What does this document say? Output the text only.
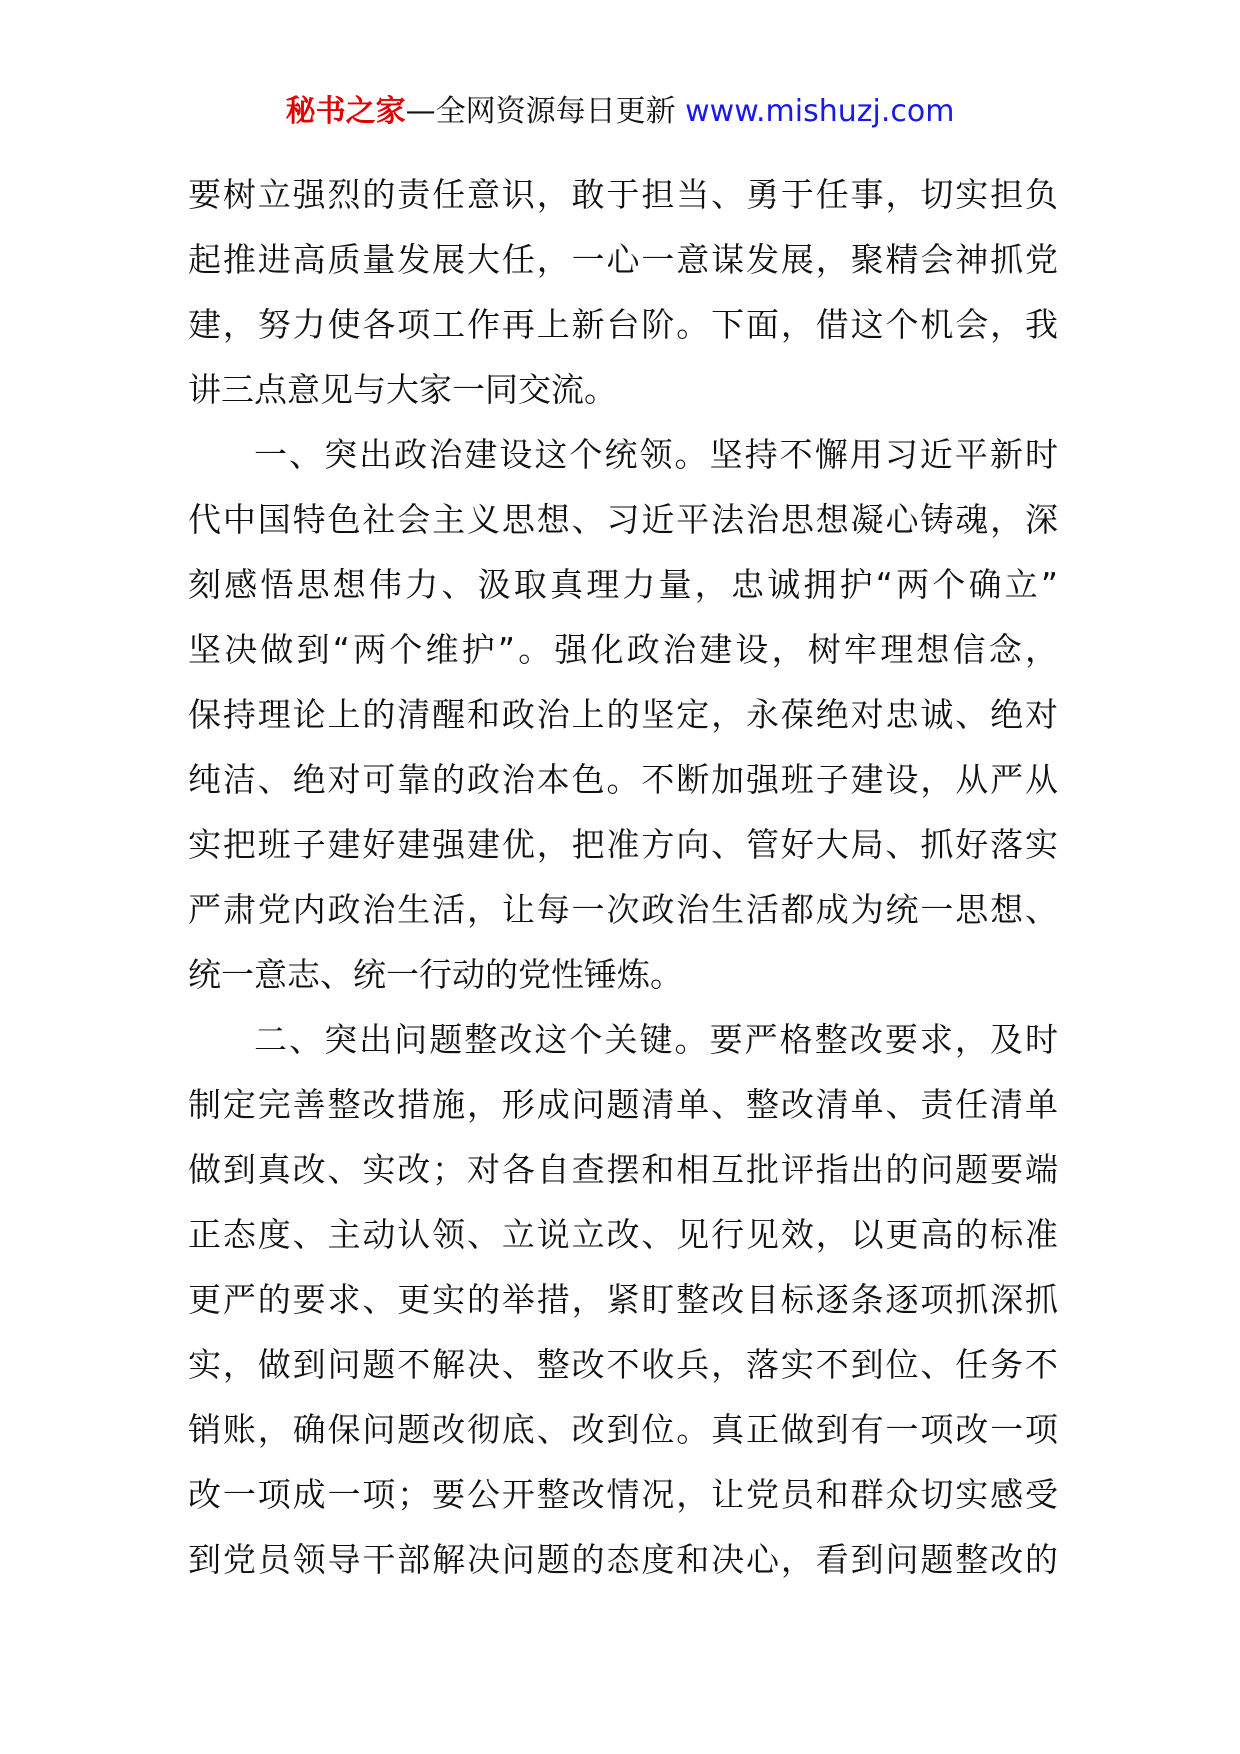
秘书之家—全网资源每日更新 www.mishuzj.com
要树立强烈的责任意识，敢于担当、勇于任事，切实担负
起推进高质量发展大任，一心一意谋发展，聚精会神抓党
建，努力使各项工作再上新台阶。下面，借这个机会，我
讲三点意见与大家一同交流。
一、突出政治建设这个统领。坚持不懈用习近平新时
代中国特色社会主义思想、习近平法治思想凝心铸魂，深
刻感悟思想伟力、汲取真理力量，忠诚拥护“两个确立”
坚决做到“两个维护”。强化政治建设，树牢理想信念，
保持理论上的清醒和政治上的坚定，永葆绝对忠诚、绝对
纯洁、绝对可靠的政治本色。不断加强班子建设，从严从
实把班子建好建强建优，把准方向、管好大局、抓好落实
严肃党内政治生活，让每一次政治生活都成为统一思想、
统一意志、统一行动的党性锤炼。
二、突出问题整改这个关键。要严格整改要求，及时
制定完善整改措施，形成问题清单、整改清单、责任清单
做到真改、实改；对各自查摆和相互批评指出的问题要端
正态度、主动认领、立说立改、见行见效，以更高的标准
更严的要求、更实的举措，紧盯整改目标逐条逐项抓深抓
实，做到问题不解决、整改不收兵，落实不到位、任务不
销账，确保问题改彻底、改到位。真正做到有一项改一项
改一项成一项；要公开整改情况，让党员和群众切实感受
到党员领导干部解决问题的态度和决心，看到问题整改的
